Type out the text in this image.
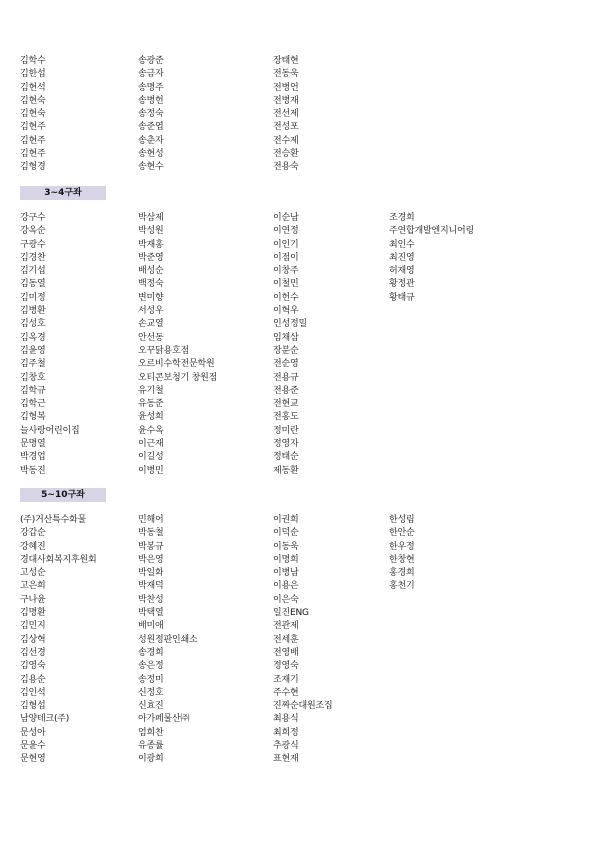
김학수	송광준	장태현
김한섭	송금자	전동욱
김현석	송명주	전병언
김현숙	송병헌	전병재
김현숙	송정숙	전선제
김현주	송준엽	전성포
김현주	송춘자	전수제
김현주	송현성	전승환
김형경	송현수	전용숙
3~4구좌
강구수	박삼제	이순남	조경희
강옥순	박성원	이연정	주연합개발엔지니어링
구광수	박재홍	이인기	최인수
김경찬	박준영	이점이	최진영
김기섭	배성순	이창주	허재영
김동열	백정숙	이철민	황정관
김미정	변미향	이헌수	황태규
김병환	서성우	이혁우
김성호	손교열	인성정밀
김옥경	안선동	임채삼
김윤영	오꾸닭용호점	장분순
김주철	오르비수학전문학원	전순영
김창호	오티콘보청기 창원점	전용규
김학규	유기철	전용준
김학근	유동준	전현교
김형복	윤성희	전홍도
늘사랑어린이집	윤수옥	정미란
문명열	이근재	정영자
박경업	이길성	정태순
박동진	이병민	제동환
5~10구좌
(주)거산특수화물	민해어	이권희	한성림
강갑순	박동철	이덕순	한안순
강혜진	박봉규	이동욱	한우정
경대사회복지후원회	박은영	이명희	한창현
고성순	박일화	이병남	홍경희
고은희	박재덕	이용은	홍천기
구나윤	박찬성	이은숙
김명환	박택열	일진ENG
김민지	배미애	전관제
김상혁	성원정판인쇄소	전세훈
김선경	송경희	전영배
김영숙	송은정	정영숙
김용순	송정미	조재기
김인석	신정호	주수현
김형섭	신효진	진짜순대원조집
남양테크(주)	아가페물산㈜	최용식
문성아	엄희찬	최희정
문윤수	유종률	추광식
문현영	이광희	표현재
